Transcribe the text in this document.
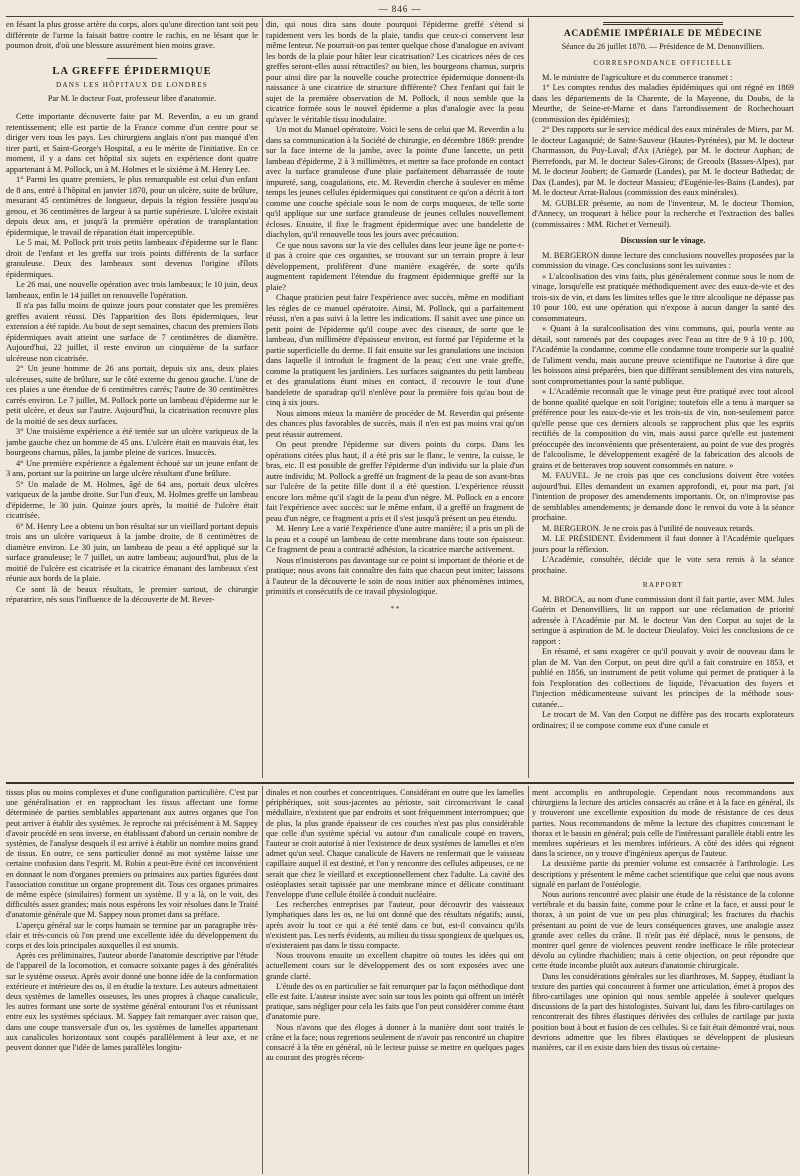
— 846 —

en fésant la plus grosse artère du corps, alors qu'une direction tant soit peu différente de l'arme la faisait battre contre le rachis, en ne lésant que le poumon droit, d'où une blessure assurément bien moins grave.

LA GREFFE ÉPIDERMIQUE
DANS LES HÔPITAUX DE LONDRES
Par M. le docteur Foat, professeur libre d'anatomie.

Cette importante découverte faite par M. Reverdin, a eu un grand retentissement; elle est partie de la France comme d'un centre pour se diriger vers tous les pays. Les chirurgiens anglais n'ont pas manqué d'en tirer parti, et Saint-George's Hospital, a eu le mérite de l'initiative. En ce moment, il y a dans cet hôpital six sujets en expérience dont quatre appartenant à M. Pollock, un à M. Holmes et le sixième à M. Henry Lee.

1° Parmi les quatre premiers, le plus remarquable est celui d'un enfant de 8 ans, entré à l'hôpital en janvier 1870, pour un ulcère, suite de brûlure, mesurant 45 centimètres de longueur, depuis la région fessière jusqu'au genou, et 36 centimètres de largeur à sa partie supérieure. L'ulcère existait depuis deux ans, et jusqu'à la première opération de transplantation épidermique, le travail de réparation était imperceptible.

Le 5 mai, M. Pollock prit trois petits lambeaux d'épiderme sur le flanc droit de l'enfant et les greffa sur trois points différents de la surface granuleuse. Deux des lambeaux sont devenus l'origine d'îlots épidermiques.

Le 26 mai, une nouvelle opération avec trois lambeaux; le 10 juin, deux lambeaux, enfin le 14 juillet on renouvelle l'opération.

Il n'a pas fallu moins de quinze jours pour constater que les premières greffes avaient réussi. Dès l'apparition des îlots épidermiques, leur extension a été rapide. Au bout de sept semaines, chacun des premiers îlots épidermiques avait atteint une surface de 7 centimètres de diamètre. Aujourd'hui, 22 juillet, il reste environ un cinquième de la surface ulcéreuse non cicatrisée.

2° Un jeune homme de 26 ans portait, depuis six ans, deux plaies ulcéreuses, suite de brûlure, sur le côté externe du genou gauche. L'une de ces plaies a une étendue de 6 centimètres carrés; l'autre de 30 centimètres carrés environ. Le 7 juillet, M. Pollock porte un lambeau d'épiderme sur le petit ulcère, et deux sur l'autre. Aujourd'hui, la cicatrisation recouvre plus de la moitié de ses deux surfaces.

3° Une troisième expérience a été tentée sur un ulcère variqueux de la jambe gauche chez un homme de 45 ans. L'ulcère était en mauvais état, les bourgeons charnus, pâles, la jambe pleine de varices. Insuccès.

4° Une première expérience a également échoué sur un jeune enfant de 3 ans, portant sur la poitrine un large ulcère résultant d'une brûlure.

5° Un malade de M. Holmes, âgé de 64 ans, portait deux ulcères variqueux de la jambe droite. Sur l'un d'eux, M. Holmes greffe un lambeau d'épiderme, le 30 juin. Quinze jours après, la moitié de l'ulcère était cicatrisée.

6° M. Henry Lee a obtenu un bon résultat sur un vieillard portant depuis trois ans un ulcère variqueux à la jambe droite, de 8 centimètres de diamètre environ. Le 30 juin, un lambeau de peau a été appliqué sur la surface granuleuse; le 7 juillet, un autre lambeau; aujourd'hui, plus de la moitié de l'ulcère est cicatrisée et la cicatrice émanant des lambeaux s'est réunie aux bords de la plaie.

Ce sont là de beaux résultats, le premier surtout, de chirurgie réparatrice, nés sous l'influence de la découverte de M. Rever-

din, qui nous dira sans doute pourquoi l'épiderme greffé s'étend si rapidement vers les bords de la plaie, tandis que ceux-ci conservent leur même lenteur. Ne pourrait-on pas tenter quelque chose d'analogue en avivant les bords de la plaie pour hâter leur cicatrisation? Les cicatrices nées de ces greffes seront-elles aussi rétractiles? ou bien, les bourgeons charnus, surpris pour ainsi dire par la nouvelle couche protectrice épidermique donnent-ils naissance à une cicatrice de structure différente? Chez l'enfant qui fait le sujet de la première observation de M. Pollock, il nous semble que la cicatrice formée sous le nouvel épiderme a plus d'analogie avec la peau qu'avec le véritable tissu inodulaire.

Un mot du Manuel opératoire. Voici le sens de celui que M. Reverdin a lu dans sa communication à la Société de chirurgie, en décembre 1869: prendre sur la face interne de la jambe, avec la pointe d'une lancette, un petit lambeau d'épiderme, 2 à 3 millimètres, et mettre sa face profonde en contact avec la surface granuleuse d'une plaie parfaitement débarrassée de toute impureté, sang, coagulations, etc. M. Reverdin cherche à soulever en même temps les jeunes cellules épidermiques qui constituent ce qu'on a décrit à tort comme une couche spéciale sous le nom de corps muqueux, de telle sorte qu'il applique sur une surface granuleuse de jeunes cellules nouvellement écloses. Ensuite, il fixe le fragment épidermique avec une bandelette de diachylon, qu'il renouvelle tous les jours avec précaution.

Ce que nous savons sur la vie des cellules dans leur jeune âge ne porte-t-il pas à croire que ces organites, se trouvant sur un terrain propre à leur développement, prolifèrent d'une manière exagérée, de sorte qu'ils augmentent rapidement l'étendue du fragment épidermique greffé sur la plaie?

Chaque praticien peut faire l'expérience avec succès, même en modifiant les règles de ce manuel opératoire. Ainsi, M. Pollock, qui a parfaitement réussi, n'en a pas suivi à la lettre les indications. Il saisit avec une pince un petit point de l'épiderme qu'il coupe avec des ciseaux, de sorte que le lambeau, d'un millimètre d'épaisseur environ, est formé par l'épiderme et la partie superficielle du derme. Il fait ensuite sur les granulations une incision dans laquelle il introduit le fragment de la peau; c'est une vraie greffe, comme la pratiquent les jardiniers. Les surfaces saignantes du petit lambeau et des granulations étant mises en contact, il recouvre le tout d'une bandelette de sparadrap qu'il n'enlève pour la première fois qu'au bout de cinq à six jours.

Nous aimons mieux la manière de procéder de M. Reverdin qui présente des chances plus favorables de succès, mais il n'en est pas moins vrai qu'on peut réussir autrement.

On peut prendre l'épiderme sur divers points du corps. Dans les opérations citées plus haut, il a été pris sur le flanc, le ventre, la cuisse, le bras, etc. Il est possible de greffer l'épiderme d'un individu sur la plaie d'un autre individu; M. Pollock a greffé un fragment de la peau de son avant-bras sur l'ulcère de la petite fille dont il a été question. L'expérience réussit encore lors même qu'il s'agit de la peau d'un nègre. M. Pollock en a encore fait l'expérience avec succès: sur le même enfant, il a greffé un fragment de peau d'un nègre, ce fragment a pris et il s'est jusqu'à présent un peu étendu.

M. Henry Lee a varié l'expérience d'une autre manière; il a pris un pli de la peau et a coupé un lambeau de cette membrane dans toute son épaisseur. Ce fragment de peau a contracté adhésion, la cicatrice marche activement.

Nous n'insisterons pas davantage sur ce point si important de théorie et de pratique; nous avons fait connaître des faits que chacun peut imiter; laissons à l'auteur de la découverte le soin de nous initier aux phénomènes intimes, primitifs et consécutifs de ce travail physiologique.

* *
ACADÉMIE IMPÉRIALE DE MÉDECINE
Séance du 26 juillet 1870. — Présidence de M. Denonvilliers.
CORRESPONDANCE OFFICIELLE

M. le ministre de l'agriculture et du commerce transmet :

1° Les comptes rendus des maladies épidémiques qui ont régné en 1869 dans les départements de la Charente, de la Mayenne, du Doubs, de la Meurthe, de Seine-et-Marne et dans l'arrondissement de Rochechouart (commission des épidémies);

2° Des rapports sur le service médical des eaux minérales de Miers, par M. le docteur Lagasquié; de Saint-Sauveur (Hautes-Pyrénées), par M. le docteur Charmasson, du Puy-Laval; d'Ax (Ariège), par M. le docteur Auphan; de Pierrefonds, par M. le docteur Sales-Girons; de Greoulx (Basses-Alpes), par M. le docteur Joubert; de Gamarde (Landes), par M. le docteur Bathedat; de Dax (Landes), par M. le docteur Massieu; d'Eugénie-les-Bains (Landes), par M. le docteur Arrat-Balous (commission des eaux minérales).

M. GUBLER présente, au nom de l'inventeur, M. le docteur Thomion, d'Annecy, un troqueart à hélice pour la recherche et l'extraction des balles (commissaires : MM. Richet et Verneuil).

Discussion sur le vinage.

M. BERGERON donne lecture des conclusions nouvelles proposées par la commission du vinage. Ces conclusions sont les suivantes :

« L'alcoolisation des vins faits, plus généralement connue sous le nom de vinage, lorsqu'elle est pratiquée méthodiquement avec des eaux-de-vie et des trois-six de vin, et dans les limites telles que le titre alcoolique ne dépasse pas 10 pour 100, est une opération qui n'expose à aucun danger la santé des consommateurs.

« Quant à la suralcoolisation des vins communs, qui, pourla vente au détail, sont ramenés par des coupages avec l'eau au titre de 9 à 10 p. 100, l'Académie la condamne, comme elle condamne toute tromperie sur la qualité de l'aliment vendu, mais aucune preuve scientifique ne l'autorise à dire que les boissons ainsi préparées, bien que diffèrant sensiblement des vins naturels, sont compromettantes pour la santé publique.

« L'Académie reconnaît que le vinage peut être pratiqué avec tout alcool de bonne qualité quelque en soit l'origine; toutefois elle a tenu à marquer sa préférence pour les eaux-de-vie et les trois-six de vin, non-seulement parce qu'elle pense que ces derniers alcools se rapprochent plus que les esprits rectifiés de la composition du vin, mais aussi parce qu'elle est justement préoccupée des inconvénients que présenteraient, au point de vue des progrès de l'alcoolisme, le développement exagéré de la fabrication des alcools de grains et de betteraves trop souvent consommés en nature. »

M. FAUVEL. Je ne crois pas que ces conclusions doivent être votées aujourd'hui. Elles demandent un examen approfondi, et, pour ma part, j'ai l'intention de proposer des amendements importants. Or, on n'improvise pas de semblables amendements; je demande donc le renvoi du vote à la séance prochaine.

M. BERGERON. Je ne crois pas à l'utilité de nouveaux retards.

M. LE PRÉSIDENT. Évidemment il faut donner à l'Académie quelques jours pour la réflexion.

L'Académie, consultée, décide que le vote sera remis à la séance prochaine.

RAPPORT

M. BROCA, au nom d'une commission dont il fait partie, avec MM. Jules Guérin et Denonvilliers, lit un rapport sur une réclamation de priorité adressée à l'Académie par M. le docteur Van den Corput au sujet de la seringue à aspiration de M. le docteur Dieulafoy. Voici les conclusions de ce rapport :

En résumé, et sans exagérer ce qu'il pouvait y avoir de nouveau dans le plan de M. Van den Corput, on peut dire qu'il a fait construire en 1853, et publié en 1856, un instrument de petit volume qui permet de pratiquer à la fois l'exploration des collections de liquide, l'évacuation des foyers et l'injection médicamenteuse suivant les principes de la méthode sous-cutanée...

Le trocart de M. Van den Corput ne diffère pas des trocarts explorateurs ordinaires; il se compose comme eux d'une canule et

tissus plus ou moins complexes et d'une configuration particulière. C'est par une généralisation et en rapprochant les tissus affectant une forme déterminée de parties semblables appartenant aux autres organes que l'on peut arriver à établir des systèmes. Je reproche rai précisément à M. Sappey d'avoir procédé en sens inverse, en établissant d'abord un certain nombre de systèmes, de l'analyse desquels il est arrivé à établir un nombre moins grand de tissus. En outre, ce sens particulier donné au mot système laisse une certaine confusion dans l'esprit. M. Robin a peut-être évité cet inconvénient en donnant le nom d'organes premiers ou primaires aux parties figurées dont l'association constitue un organe proprement dit. Tous ces organes primaires de même espèce (similaires) forment un système. Il y a là, on le voit, des difficultés assez grandes; mais nous espérons les voir résolues dans le Traité d'anatomie générale que M. Sappey nous promet dans sa préface.

L'aperçu général sur le corps humain se termine par un paragraphe très-clair et très-concis où l'on prend une excellente idée du développement du corps et des lois principales auxquelles il est soumis.

Après ces préliminaires, l'auteur aborde l'anatomie descriptive par l'étude de l'appareil de la locomotion, et consacre soixante pages à des généralités sur le système osseux. Après avoir donné une bonne idée de la conformation extérieure et intérieure des os, il en étudie la texture. Les auteurs admettaient deux systèmes de lamelles osseuses, les unes propres à chaque canalicule, les autres formant une sorte de système général entourant l'os et réunissant entre eux les systèmes spéciaux. M. Sappey fait remarquer avec raison que, dans une coupe transversale d'un os, les systèmes de lamelles appartenant aux canalicules horizontaux sont coupés parallèlement à leur axe, et ne peuvent donner que l'idée de lames parallèles longitu-

dinales et non courbes et concentriques. Considérant en outre que les lamelles périphériques, soit sous-jacentes au périoste, soit circonscrivant le canal médullaire, n'existent que par endroits et sont fréquemment interrompues; que de plus, la plus grande épaisseur de ces couches n'est pas plus considérable que celle d'un système spécial vu autour d'un canalicule coupé en travers, l'auteur se croit autorisé à nier l'existence de deux systèmes de lamelles et n'en admet qu'un seul. Chaque canalicule de Havers ne renfermait que le vaisseau capillaire auquel il est destiné, et l'on y rencontre des cellules adipeuses, ce ne serait que chez le vieillard et exceptionnellement chez l'adulte. La cavité des ostéoplastes serait tapissée par une membrane mince et délicate constituant l'enveloppe d'une cellule étoilée à conduit nucléaire.

Les recherches entreprises par l'auteur, pour découvrir des vaisseaux lymphatiques dans les os, ne lui ont donné que des résultats négatifs; aussi, après avoir lu tout ce qui a été tenté dans ce but, est-il convaincu qu'ils n'existent pas. Les nerfs évidents, au milieu du tissu spongieux de quelques os, n'existeraient pas dans le tissu compacte.

Nous trouvons ensuite un excellent chapitre où toutes les idées qui ont actuellement cours sur le développement des os sont exposées avec une grande clarté.

L'étude des os en particulier se fait remarquer par la façon méthodique dont elle est faite. L'auteur insiste avec soin sur tous les points qui offrent un intérêt pratique, sans négliger pour cela les faits que l'on peut considérer comme étant d'anatomie pure.

Nous n'avons que des éloges à donner à la manière dont sont traités le crâne et la face; nous regrettons seulement de n'avoir pas rencontré un chapitre consacré à la tête en général, où le lecteur puisse se mettre en quelques pages au courant des progrès récem-

ment accomplis en anthropologie. Cependant nous recommandons aux chirurgiens la lecture des articles consacrés au crâne et à la face en général, ils y trouveront une excellente exposition du mode de résistance de ces deux parties. Nous recommandons de même la lecture des chapitres concernant le thorax et le bassin en général; puis celle de l'intéressant parallèle établi entre les membres supérieurs et les membres inférieurs. A côté des idées qui régnent dans la science, on y trouve d'ingénieux aperçus de l'auteur.

La deuxième partie du premier volume est consacrée à l'arthrologie. Les descriptions y présentent le même cachet scientifique que celui que nous avons signalé en parlant de l'ostéologie.

Nous aurions rencontré avec plaisir une étude de la résistance de la colonne vertébrale et du bassin faite, comme pour le crâne et la face, et aussi pour le thorax, à un point de vue un peu plus chirurgical; les fractures du rhachis présentant au point de vue de leurs conséquences graves, une analogie assez grande avec celles du crâne. Il n'eût pas été déplacé, nous le pensons, de montrer quel genre de violences peuvent rendre inefficace le rôle protecteur dévolu au cylindre rhachidien; mais à cette objection, on peut répondre que cette étude incombe plutôt aux auteurs d'anatomie chirurgicale.

Dans les considérations générales sur les diarthroses, M. Sappey, étudiant la texture des parties qui concourent à former une articulation, émet à propos des fibro-cartilages une opinion qui nous semble appelée à soulever quelques discussions de la part des histologistes. Suivant lui, dans les fibro-cartilages on rencontrerait des fibres élastiques dérivées des cellules de cartilage par juxta position bout à bout et fusion de ces cellules. Si ce fait était démontré vrai, nous devrions admettre que les fibres élastiques se développent de plusieurs manières, car il en existe dans bien des tissus où certaine-
